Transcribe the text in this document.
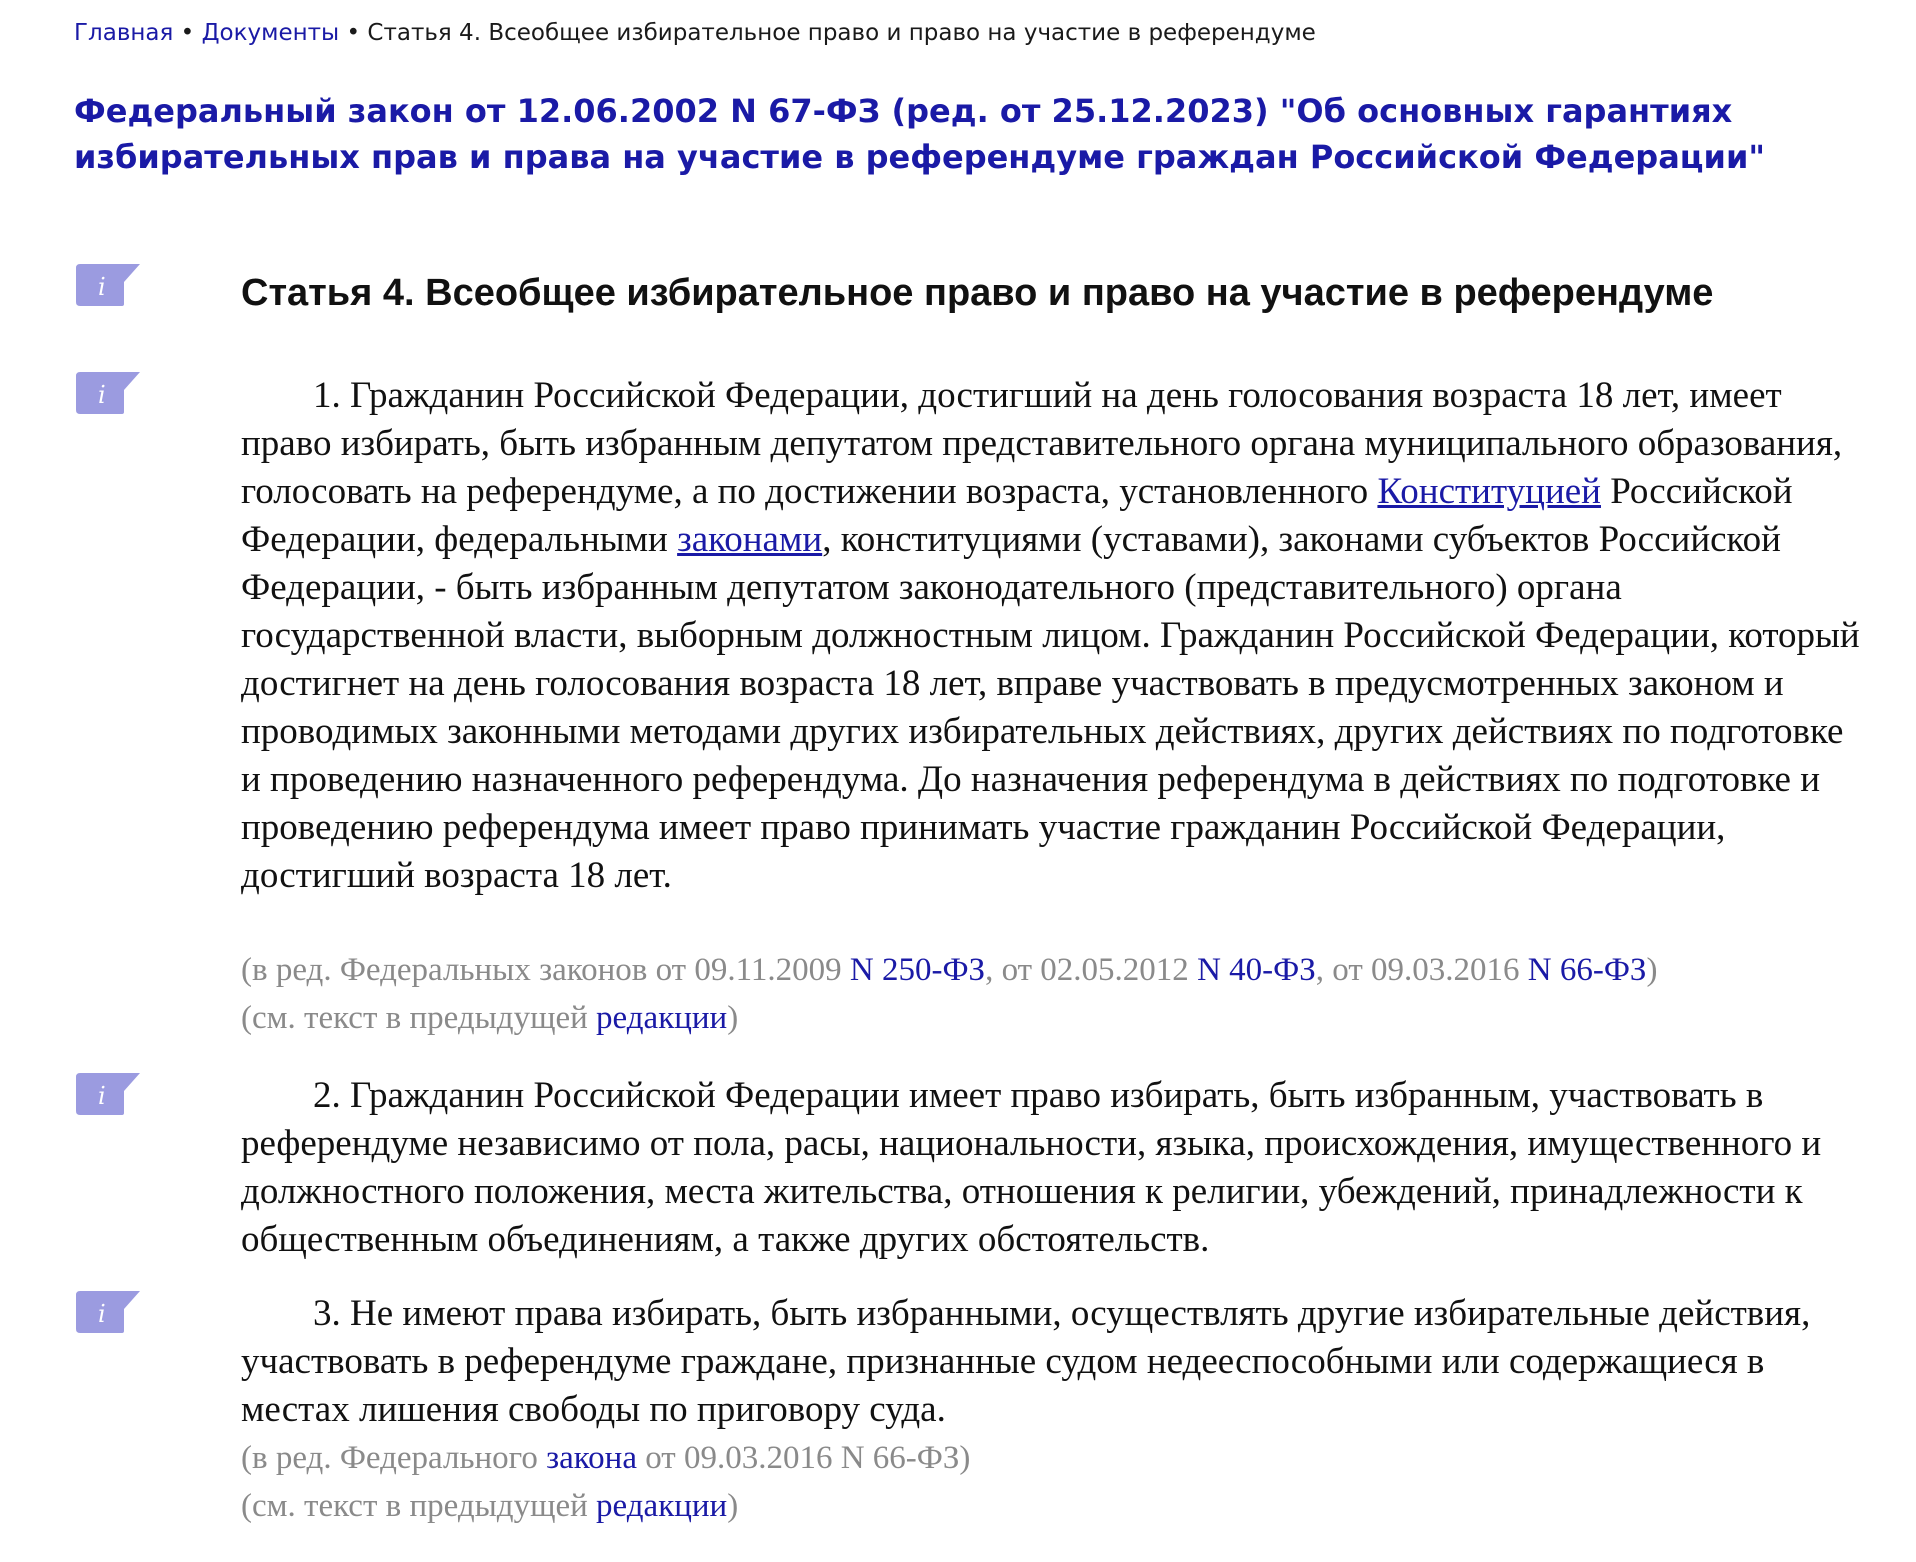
Главная • Документы • Статья 4. Всеобщее избирательное право и право на участие в референдуме
Федеральный закон от 12.06.2002 N 67-ФЗ (ред. от 25.12.2023) "Об основных гарантиях избирательных прав и права на участие в референдуме граждан Российской Федерации"
i
i
i
i
Статья 4. Всеобщее избирательное право и право на участие в референдуме
1. Гражданин Российской Федерации, достигший на день голосования возраста 18 лет, имеет право избирать, быть избранным депутатом представительного органа муниципального образования, голосовать на референдуме, а по достижении возраста, установленного Конституцией Российской Федерации, федеральными законами, конституциями (уставами), законами субъектов Российской Федерации, - быть избранным депутатом законодательного (представительного) органа государственной власти, выборным должностным лицом. Гражданин Российской Федерации, который достигнет на день голосования возраста 18 лет, вправе участвовать в предусмотренных законом и проводимых законными методами других избирательных действиях, других действиях по подготовке и проведению назначенного референдума. До назначения референдума в действиях по подготовке и проведению референдума имеет право принимать участие гражданин Российской Федерации, достигший возраста 18 лет.
(в ред. Федеральных законов от 09.11.2009 N 250-ФЗ, от 02.05.2012 N 40-ФЗ, от 09.03.2016 N 66-ФЗ)
(см. текст в предыдущей редакции)
2. Гражданин Российской Федерации имеет право избирать, быть избранным, участвовать в референдуме независимо от пола, расы, национальности, языка, происхождения, имущественного и должностного положения, места жительства, отношения к религии, убеждений, принадлежности к общественным объединениям, а также других обстоятельств.
3. Не имеют права избирать, быть избранными, осуществлять другие избирательные действия, участвовать в референдуме граждане, признанные судом недееспособными или содержащиеся в местах лишения свободы по приговору суда.
(в ред. Федерального закона от 09.03.2016 N 66-ФЗ)
(см. текст в предыдущей редакции)
